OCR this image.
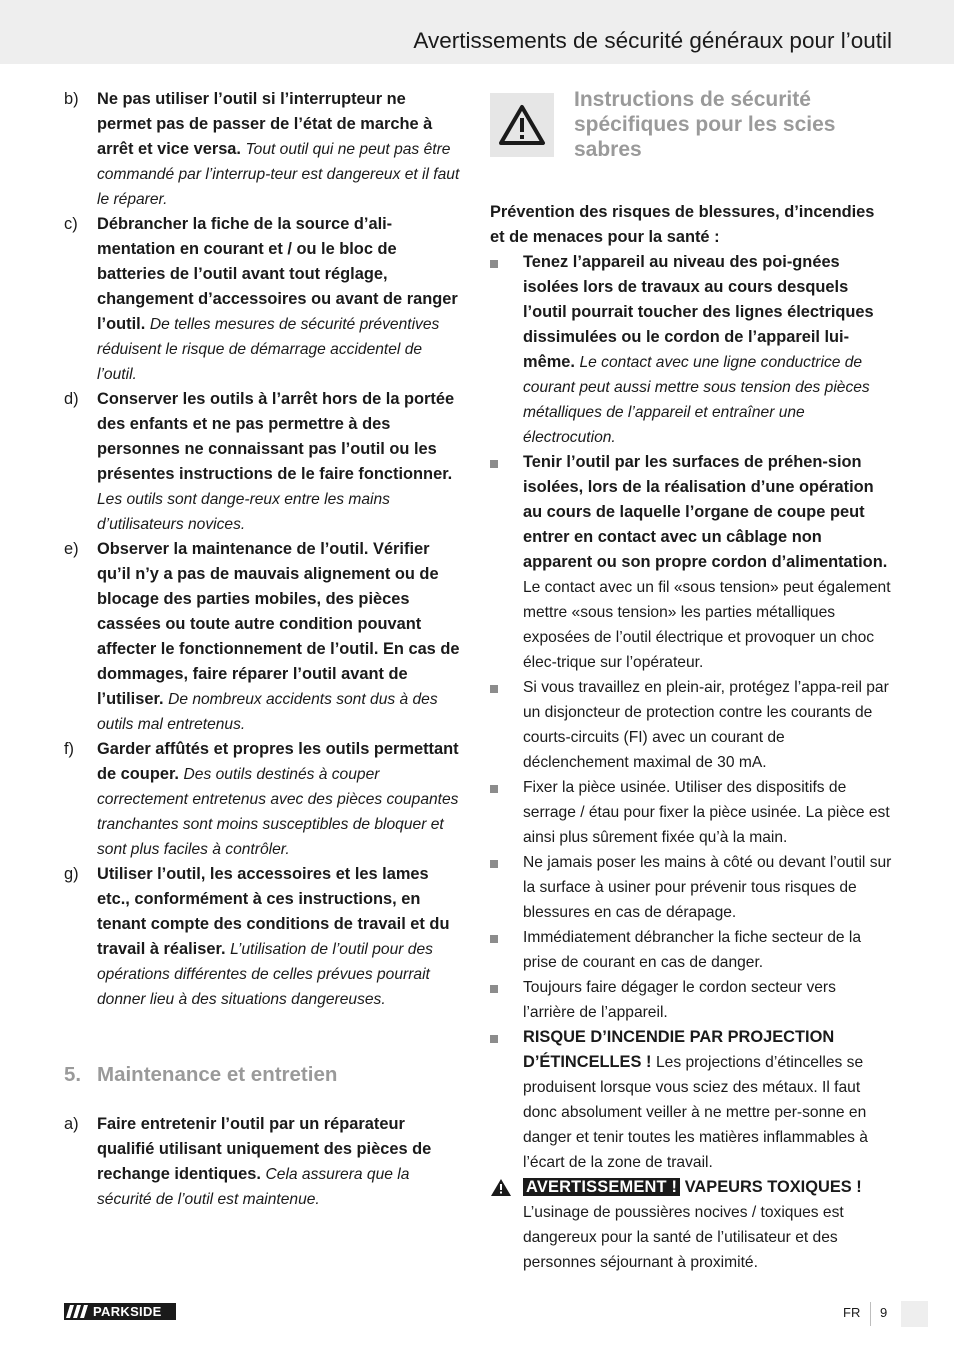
Avertissements de sécurité généraux pour l’outil
b) Ne pas utiliser l’outil si l’interrupteur ne permet pas de passer de l’état de marche à arrêt et vice versa. Tout outil qui ne peut pas être commandé par l’interrup-teur est dangereux et il faut le réparer.
c) Débrancher la fiche de la source d’ali-mentation en courant et / ou le bloc de batteries de l’outil avant tout réglage, changement d’accessoires ou avant de ranger l’outil. De telles mesures de sécurité préventives réduisent le risque de démarrage accidentel de l’outil.
d) Conserver les outils à l’arrêt hors de la portée des enfants et ne pas permettre à des personnes ne connaissant pas l’outil ou les présentes instructions de le faire fonctionner. Les outils sont dange-reux entre les mains d’utilisateurs novices.
e) Observer la maintenance de l’outil. Vérifier qu’il n’y a pas de mauvais alignement ou de blocage des parties mobiles, des pièces cassées ou toute autre condition pouvant affecter le fonctionnement de l’outil. En cas de dommages, faire réparer l’outil avant de l’utiliser. De nombreux accidents sont dus à des outils mal entretenus.
f) Garder affûtés et propres les outils permettant de couper. Des outils destinés à couper correctement entretenus avec des pièces coupantes tranchantes sont moins susceptibles de bloquer et sont plus faciles à contrôler.
g) Utiliser l’outil, les accessoires et les lames etc., conformément à ces instructions, en tenant compte des conditions de travail et du travail à réaliser. L’utilisation de l’outil pour des opérations différentes de celles prévues pourrait donner lieu à des situations dangereuses.
5. Maintenance et entretien
a) Faire entretenir l’outil par un réparateur qualifié utilisant uniquement des pièces de rechange identiques. Cela assurera que la sécurité de l’outil est maintenue.
Instructions de sécurité spécifiques pour les scies sabres
Prévention des risques de blessures, d’incendies et de menaces pour la santé :
Tenez l’appareil au niveau des poi-gnées isolées lors de travaux au cours desquels l’outil pourrait toucher des lignes électriques dissimulées ou le cordon de l’appareil lui-même. Le contact avec une ligne conductrice de courant peut aussi mettre sous tension des pièces métalliques de l’appareil et entraîner une électrocution.
Tenir l’outil par les surfaces de préhen-sion isolées, lors de la réalisation d’une opération au cours de laquelle l’organe de coupe peut entrer en contact avec un câblage non apparent ou son propre cordon d’alimentation. Le contact avec un fil «sous tension» peut également mettre «sous tension» les parties métalliques exposées de l’outil électrique et provoquer un choc élec-trique sur l’opérateur.
Si vous travaillez en plein-air, protégez l’appa-reil par un disjoncteur de protection contre les courants de courts-circuits (FI) avec un courant de déclenchement maximal de 30 mA.
Fixer la pièce usinée. Utiliser des dispositifs de serrage / étau pour fixer la pièce usinée. La pièce est ainsi plus sûrement fixée qu’à la main.
Ne jamais poser les mains à côté ou devant l’outil sur la surface à usiner pour prévenir tous risques de blessures en cas de dérapage.
Immédiatement débrancher la fiche secteur de la prise de courant en cas de danger.
Toujours faire dégager le cordon secteur vers l’arrière de l’appareil.
RISQUE D’INCENDIE PAR PROJECTION D’ÉTINCELLES ! Les projections d’étincelles se produisent lorsque vous sciez des métaux. Il faut donc absolument veiller à ne mettre per-sonne en danger et tenir toutes les matières inflammables à l’écart de la zone de travail.
AVERTISSEMENT ! VAPEURS TOXIQUES !
L’usinage de poussières nocives / toxiques est dangereux pour la santé de l’utilisateur et des personnes séjournant à proximité.
PARKSIDE	FR 9
